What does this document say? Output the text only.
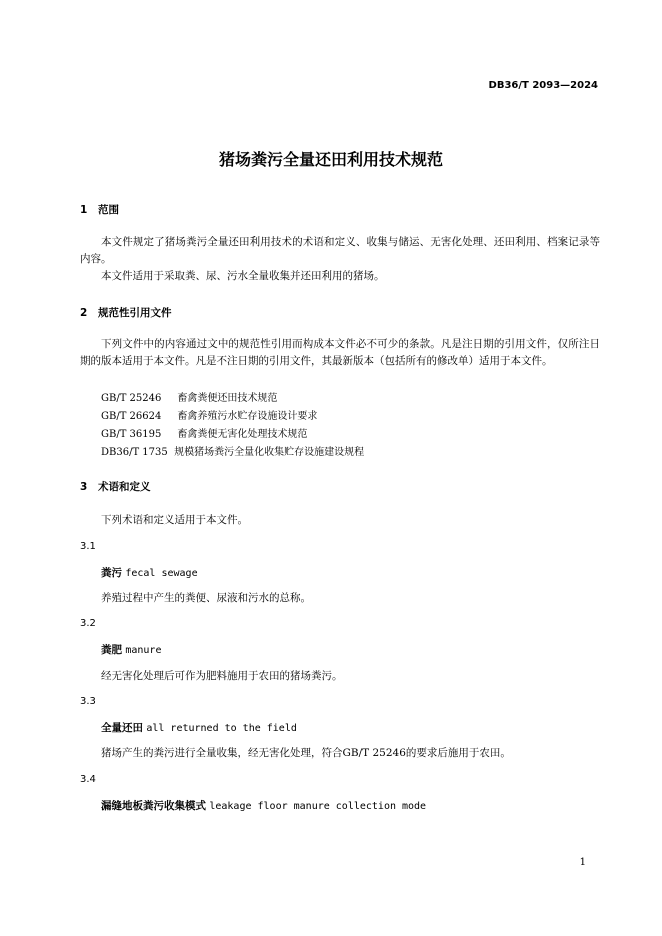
DB36/T 2093—2024
猪场粪污全量还田利用技术规范
1 范围
本文件规定了猪场粪污全量还田利用技术的术语和定义、收集与储运、无害化处理、还田利用、档案记录等内容。
本文件适用于采取粪、尿、污水全量收集并还田利用的猪场。
2 规范性引用文件
下列文件中的内容通过文中的规范性引用而构成本文件必不可少的条款。凡是注日期的引用文件，仅所注日期的版本适用于本文件。凡是不注日期的引用文件，其最新版本（包括所有的修改单）适用于本文件。
GB/T 25246 畜禽粪便还田技术规范
GB/T 26624 畜禽养殖污水贮存设施设计要求
GB/T 36195 畜禽粪便无害化处理技术规范
DB36/T 1735 规模猪场粪污全量化收集贮存设施建设规程
3 术语和定义
下列术语和定义适用于本文件。
3.1
粪污 fecal sewage
养殖过程中产生的粪便、尿液和污水的总称。
3.2
粪肥 manure
经无害化处理后可作为肥料施用于农田的猪场粪污。
3.3
全量还田 all returned to the field
猪场产生的粪污进行全量收集，经无害化处理，符合GB/T 25246的要求后施用于农田。
3.4
漏缝地板粪污收集模式 leakage floor manure collection mode
1
